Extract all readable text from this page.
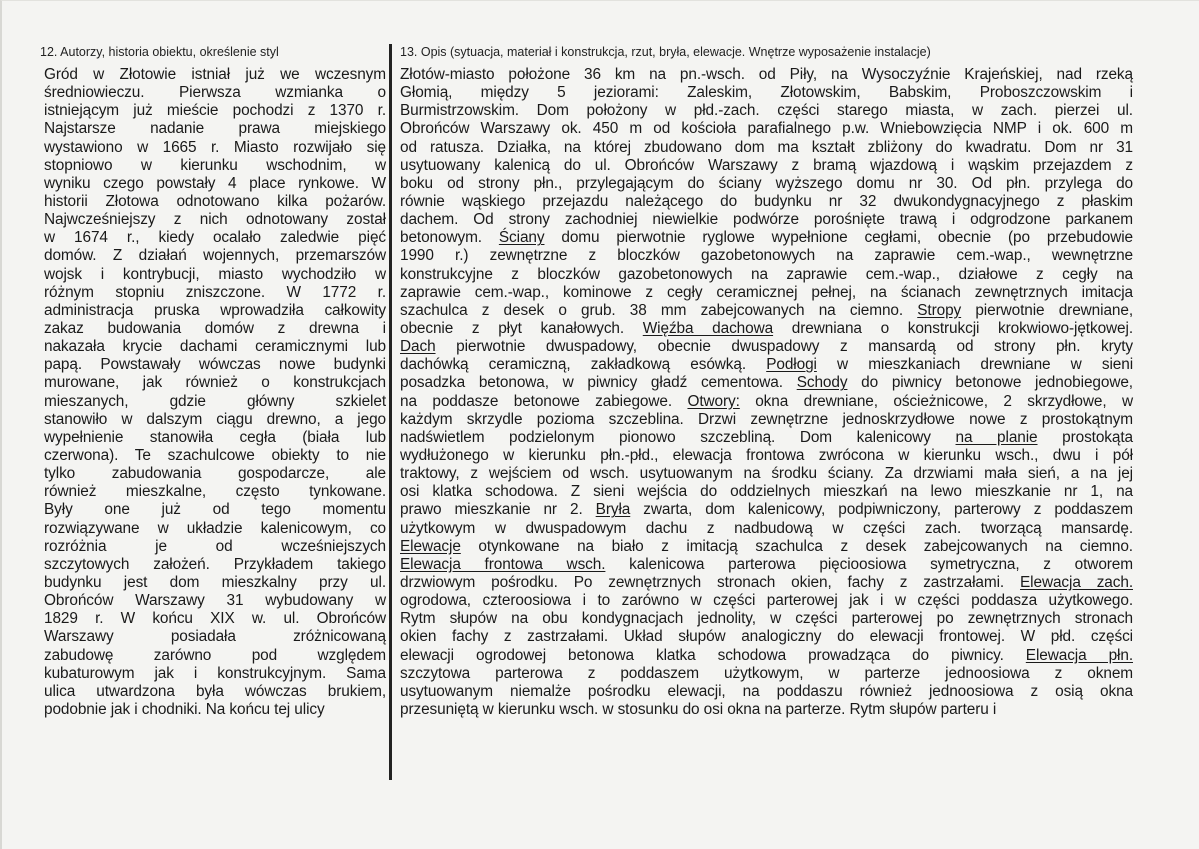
12. Autorzy, historia obiektu, określenie styl
Gród w Złotowie istniał już we wczesnym
średniowieczu. Pierwsza wzmianka o
istniejącym już mieście pochodzi z 1370 r.
Najstarsze nadanie prawa miejskiego
wystawiono w 1665 r. Miasto rozwijało się
stopniowo w kierunku wschodnim, w
wyniku czego powstały 4 place rynkowe. W
historii Złotowa odnotowano kilka pożarów.
Najwcześniejszy z nich odnotowany został
w 1674 r., kiedy ocalało zaledwie pięć
domów. Z działań wojennych, przemarszów
wojsk i kontrybucji, miasto wychodziło w
różnym stopniu zniszczone. W 1772 r.
administracja pruska wprowadziła całkowity
zakaz budowania domów z drewna i
nakazała krycie dachami ceramicznymi lub
papą. Powstawały wówczas nowe budynki
murowane, jak również o konstrukcjach
mieszanych, gdzie główny szkielet
stanowiło w dalszym ciągu drewno, a jego
wypełnienie stanowiła cegła (biała lub
czerwona). Te szachulcowe obiekty to nie
tylko zabudowania gospodarcze, ale
również mieszkalne, często tynkowane.
Były one już od tego momentu
rozwiązywane w układzie kalenicowym, co
rozróżnia je od wcześniejszych
szczytowych założeń. Przykładem takiego
budynku jest dom mieszkalny przy ul.
Obrońców Warszawy 31 wybudowany w
1829 r. W końcu XIX w. ul. Obrońców
Warszawy posiadała zróżnicowaną
zabudowę zarówno pod względem
kubaturowym jak i konstrukcyjnym. Sama
ulica utwardzona była wówczas brukiem,
podobnie jak i chodniki. Na końcu tej ulicy
13. Opis (sytuacja, materiał i konstrukcja, rzut, bryła, elewacje. Wnętrze wyposażenie instalacje)
Złotów-miasto położone 36 km na pn.-wsch. od Piły, na Wysoczyźnie Krajeńskiej, nad rzeką
Głomią, między 5 jeziorami: Zaleskim, Złotowskim, Babskim, Proboszczowskim i
Burmistrzowskim. Dom położony w płd.-zach. części starego miasta, w zach. pierzei ul.
Obrońców Warszawy ok. 450 m od kościoła parafialnego p.w. Wniebowzięcia NMP i ok. 600 m
od ratusza. Działka, na której zbudowano dom ma kształt zbliżony do kwadratu. Dom nr 31
usytuowany kalenicą do ul. Obrońców Warszawy z bramą wjazdową i wąskim przejazdem z
boku od strony płn., przylegającym do ściany wyższego domu nr 30. Od płn. przylega do
równie wąskiego przejazdu należącego do budynku nr 32 dwukondygnacyjnego z płaskim
dachem. Od strony zachodniej niewielkie podwórze porośnięte trawą i odgrodzone parkanem
betonowym. Ściany domu pierwotnie ryglowe wypełnione cegłami, obecnie (po przebudowie
1990 r.) zewnętrzne z bloczków gazobetonowych na zaprawie cem.-wap., wewnętrzne
konstrukcyjne z bloczków gazobetonowych na zaprawie cem.-wap., działowe z cegły na
zaprawie cem.-wap., kominowe z cegły ceramicznej pełnej, na ścianach zewnętrznych imitacja
szachulca z desek o grub. 38 mm zabejcowanych na ciemno. Stropy pierwotnie drewniane,
obecnie z płyt kanałowych. Więźba dachowa drewniana o konstrukcji krokwiowo-jętkowej.
Dach pierwotnie dwuspadowy, obecnie dwuspadowy z mansardą od strony płn. kryty
dachówką ceramiczną, zakładkową esówką. Podłogi w mieszkaniach drewniane w sieni
posadzka betonowa, w piwnicy gładź cementowa. Schody do piwnicy betonowe jednobiegowe,
na poddasze betonowe zabiegowe. Otwory: okna drewniane, ościeżnicowe, 2 skrzydłowe, w
każdym skrzydle pozioma szczeblina. Drzwi zewnętrzne jednoskrzydłowe nowe z prostokątnym
nadświetlem podzielonym pionowo szczebliną. Dom kalenicowy na planie prostokąta
wydłużonego w kierunku płn.-płd., elewacja frontowa zwrócona w kierunku wsch., dwu i pół
traktowy, z wejściem od wsch. usytuowanym na środku ściany. Za drzwiami mała sień, a na jej
osi klatka schodowa. Z sieni wejścia do oddzielnych mieszkań na lewo mieszkanie nr 1, na
prawo mieszkanie nr 2. Bryła zwarta, dom kalenicowy, podpiwniczony, parterowy z poddaszem
użytkowym w dwuspadowym dachu z nadbudową w części zach. tworzącą mansardę.
Elewacje otynkowane na biało z imitacją szachulca z desek zabejcowanych na ciemno.
Elewacja frontowa wsch. kalenicowa parterowa pięcioosiowa symetryczna, z otworem
drzwiowym pośrodku. Po zewnętrznych stronach okien, fachy z zastrzałami. Elewacja zach.
ogrodowa, czteroosiowa i to zarówno w części parterowej jak i w części poddasza użytkowego.
Rytm słupów na obu kondygnacjach jednolity, w części parterowej po zewnętrznych stronach
okien fachy z zastrzałami. Układ słupów analogiczny do elewacji frontowej. W płd. części
elewacji ogrodowej betonowa klatka schodowa prowadząca do piwnicy. Elewacja płn.
szczytowa parterowa z poddaszem użytkowym, w parterze jednoosiowa z oknem
usytuowanym niemalże pośrodku elewacji, na poddaszu również jednoosiowa z osią okna
przesuniętą w kierunku wsch. w stosunku do osi okna na parterze. Rytm słupów parteru i
